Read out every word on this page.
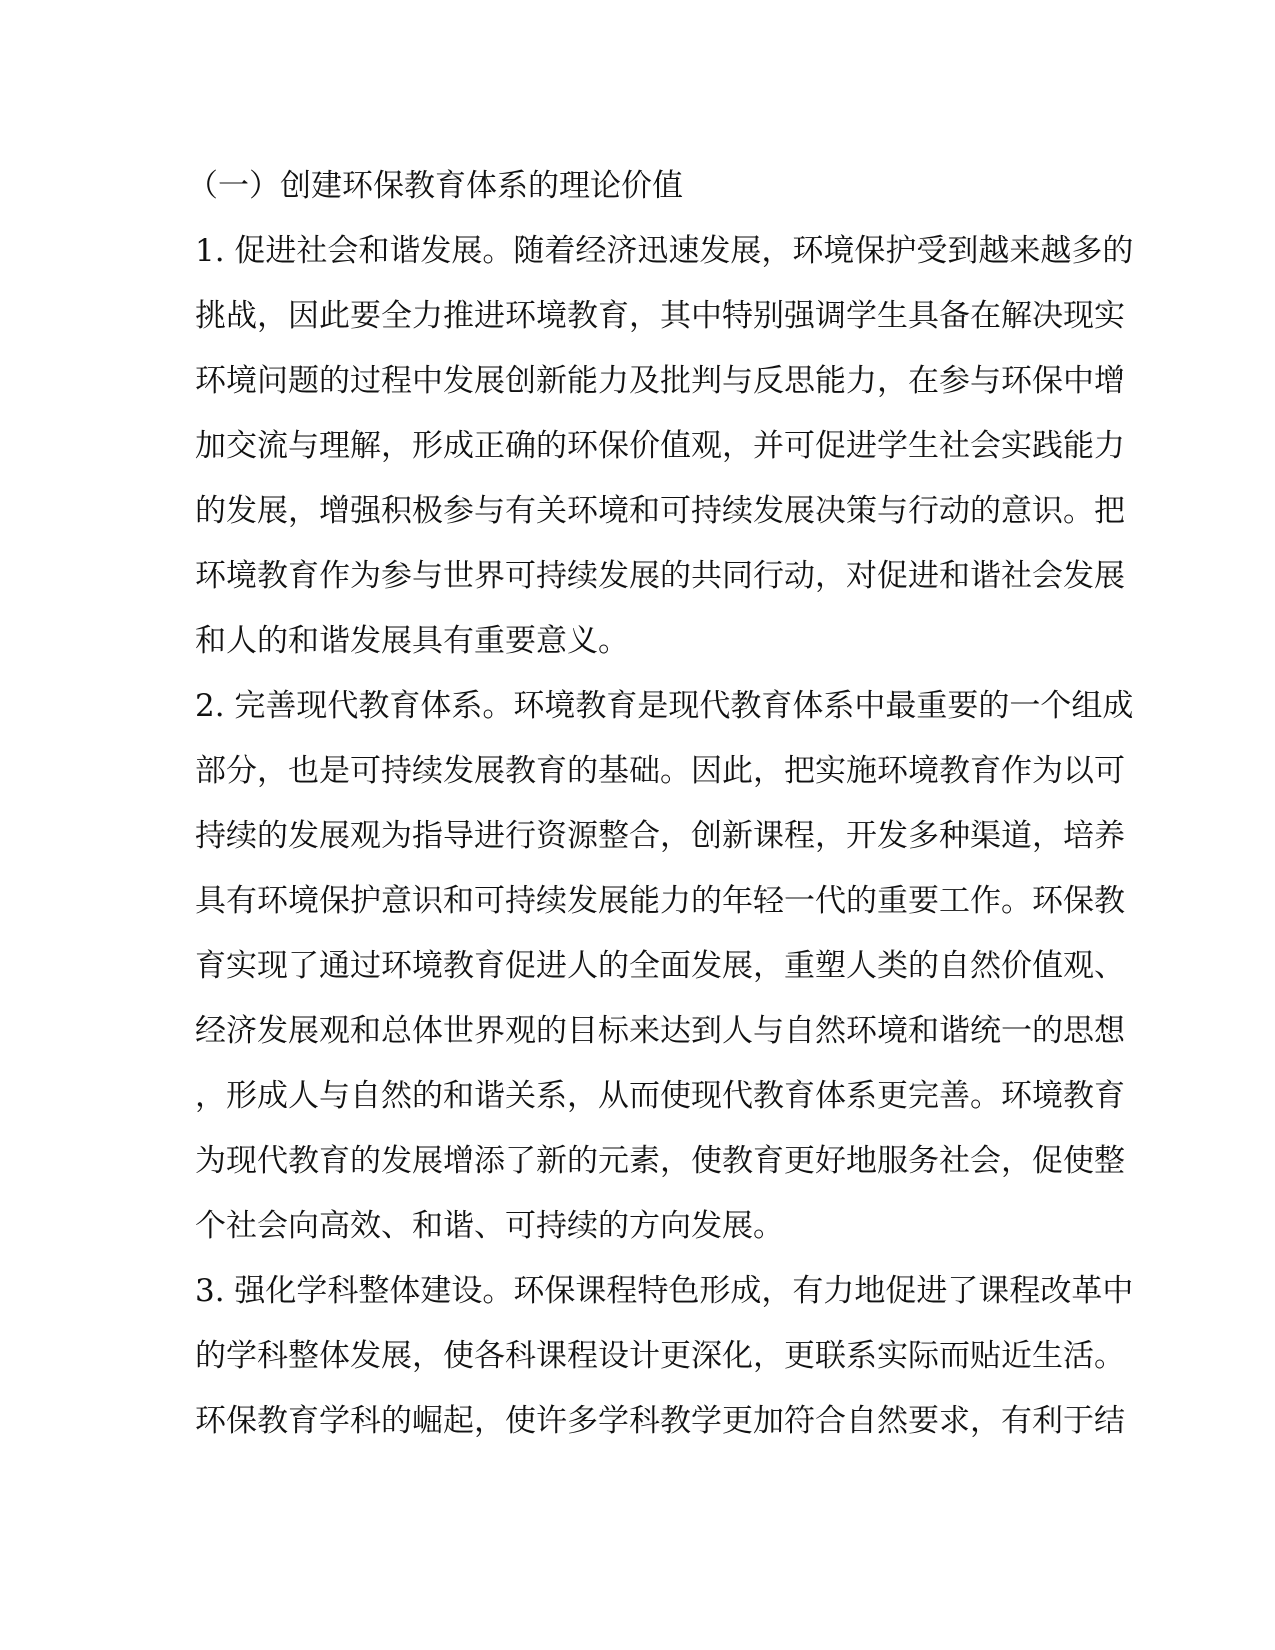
（一）创建环保教育体系的理论价值
1. 促进社会和谐发展。随着经济迅速发展，环境保护受到越来越多的
挑战，因此要全力推进环境教育，其中特别强调学生具备在解决现实
环境问题的过程中发展创新能力及批判与反思能力，在参与环保中增
加交流与理解，形成正确的环保价值观，并可促进学生社会实践能力
的发展，增强积极参与有关环境和可持续发展决策与行动的意识。把
环境教育作为参与世界可持续发展的共同行动，对促进和谐社会发展
和人的和谐发展具有重要意义。
2. 完善现代教育体系。环境教育是现代教育体系中最重要的一个组成
部分，也是可持续发展教育的基础。因此，把实施环境教育作为以可
持续的发展观为指导进行资源整合，创新课程，开发多种渠道，培养
具有环境保护意识和可持续发展能力的年轻一代的重要工作。环保教
育实现了通过环境教育促进人的全面发展，重塑人类的自然价值观、
经济发展观和总体世界观的目标来达到人与自然环境和谐统一的思想
，形成人与自然的和谐关系，从而使现代教育体系更完善。环境教育
为现代教育的发展增添了新的元素，使教育更好地服务社会，促使整
个社会向高效、和谐、可持续的方向发展。
3. 强化学科整体建设。环保课程特色形成，有力地促进了课程改革中
的学科整体发展，使各科课程设计更深化，更联系实际而贴近生活。
环保教育学科的崛起，使许多学科教学更加符合自然要求，有利于结
